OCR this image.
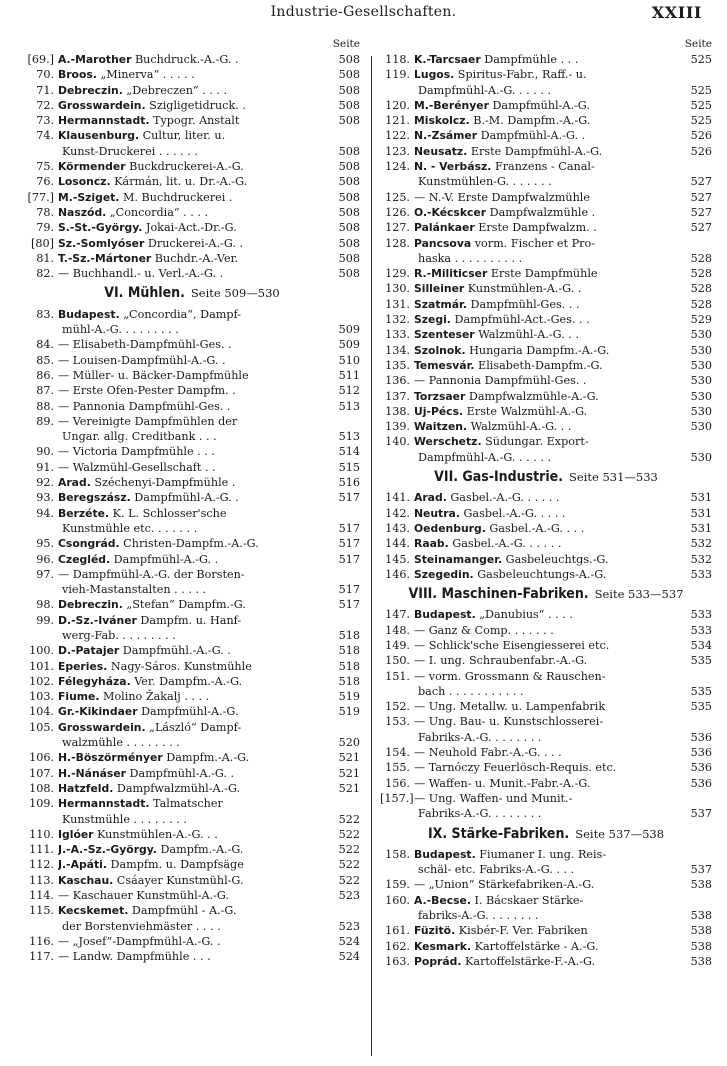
Industrie-Gesellschaften.	XXIII
Seite
[69.] A.-Marother Buchdruck.-A.-G. .	508
70. Broos. „Minerva“ . . . . .	508
71. Debreczin. „Debreczen“ . . . .	508
72. Grosswardein. Szigligetidruck. .	508
73. Hermannstadt. Typogr. Anstalt	508
74. Klausenburg. Cultur, liter. u.
Kunst-Druckerei . . . . . .	508
75. Körmender Buckdruckerei-A.-G.	508
76. Losoncz. Kármán, lit. u. Dr.-A.-G.	508
[77.] M.-Sziget. M. Buchdruckerei .	508
78. Naszód. „Concordia“ . . . .	508
79. S.-St.-György. Jokai-Act.-Dr.-G.	508
[80] Sz.-Somlyóser Druckerei-A.-G. .	508
81. T.-Sz.-Mártoner Buchdr.-A.-Ver.	508
82. — Buchhandl.- u. Verl.-A.-G. .	508
VI. Mühlen. Seite 509—530
83. Budapest. „Concordia“, Dampf-
mühl-A.-G. . . . . . . . .	509
84. — Elisabeth-Dampfmühl-Ges. .	509
85. — Louisen-Dampfmühl-A.-G. .	510
86. — Müller- u. Bäcker-Dampfmühle	511
87. — Erste Ofen-Pester Dampfm. .	512
88. — Pannonia Dampfmühl-Ges. .	513
89. — Vereinigte Dampfmühlen der
Ungar. allg. Creditbank . . .	513
90. — Victoria Dampfmühle . . .	514
91. — Walzmühl-Gesellschaft . .	515
92. Arad. Széchenyi-Dampfmühle .	516
93. Beregszász. Dampfmühl-A.-G. .	517
94. Berzéte. K. L. Schlosser'sche
Kunstmühle etc. . . . . . .	517
95. Csongrád. Christen-Dampfm.-A.-G.	517
96. Czegléd. Dampfmühl-A.-G. .	517
97. — Dampfmühl-A.-G. der Borsten-
vieh-Mastanstalten . . . . .	517
98. Debreczin. „Stefan“ Dampfm.-G.	517
99. D.-Sz.-Iváner Dampfm. u. Hanf-
werg-Fab. . . . . . . . .	518
100. D.-Patajer Dampfmühl.-A.-G. .	518
101. Eperies. Nagy-Sáros. Kunstmühle	518
102. Félegyháza. Ver. Dampfm.-A.-G.	518
103. Fiume. Molino Žakalj . . . .	519
104. Gr.-Kikindaer Dampfmühl-A.-G.	519
105. Grosswardein. „László“ Dampf-
walzmühle . . . . . . . .	520
106. H.-Böszörményer Dampfm.-A.-G.	521
107. H.-Nánáser Dampfmühl-A.-G. .	521
108. Hatzfeld. Dampfwalzmühl-A.-G.	521
109. Hermannstadt. Talmatscher
Kunstmühle . . . . . . . .	522
110. Iglóer Kunstmühlen-A.-G. . .	522
111. J.-A.-Sz.-György. Dampfm.-A.-G.	522
112. J.-Apáti. Dampfm. u. Dampfsäge	522
113. Kaschau. Csáayer Kunstmühl-G.	522
114. — Kaschauer Kunstmühl-A.-G.	523
115. Kecskemet. Dampfmühl - A.-G.
der Borstenviehmäster . . . .	523
116. — „Josef“-Dampfmühl-A.-G. .	524
117. — Landw. Dampfmühle . . .	524
Seite
118. K.-Tarcsaer Dampfmühle . . .	525
119. Lugos. Spiritus-Fabr., Raff.- u.
Dampfmühl-A.-G. . . . . .	525
120. M.-Berényer Dampfmühl-A.-G.	525
121. Miskolcz. B.-M. Dampfm.-A.-G.	525
122. N.-Zsámer Dampfmühl-A.-G. .	526
123. Neusatz. Erste Dampfmühl-A.-G.	526
124. N. - Verbász. Franzens - Canal-
Kunstmühlen-G. . . . . . .	527
125. — N.-V. Erste Dampfwalzmühle	527
126. O.-Kécskcer Dampfwalzmühle .	527
127. Palánkaer Erste Dampfwalzm. .	527
128. Pancsova vorm. Fischer et Pro-
haska . . . . . . . . . .	528
129. R.-Militicser Erste Dampfmühle	528
130. Silleiner Kunstmühlen-A.-G. .	528
131. Szatmár. Dampfmühl-Ges. . .	528
132. Szegi. Dampfmühl-Act.-Ges. . .	529
133. Szenteser Walzmühl-A.-G. . .	530
134. Szolnok. Hungaria Dampfm.-A.-G.	530
135. Temesvár. Elisabeth-Dampfm.-G.	530
136. — Pannonia Dampfmühl-Ges. .	530
137. Torzsaer Dampfwalzmühle-A.-G.	530
138. Uj-Pécs. Erste Walzmühl-A.-G.	530
139. Waitzen. Walzmühl-A.-G. . .	530
140. Werschetz. Südungar. Export-
Dampfmühl-A.-G. . . . . .	530
VII. Gas-Industrie. Seite 531—533
141. Arad. Gasbel.-A.-G. . . . . .	531
142. Neutra. Gasbel.-A.-G. . . . .	531
143. Oedenburg. Gasbel.-A.-G. . . .	531
144. Raab. Gasbel.-A.-G. . . . . .	532
145. Steinamanger. Gasbeleuchtgs.-G.	532
146. Szegedin. Gasbeleuchtungs-A.-G.	533
VIII. Maschinen-Fabriken. Seite 533—537
147. Budapest. „Danubius“ . . . .	533
148. — Ganz & Comp. . . . . . .	533
149. — Schlick'sche Eisengiesserei etc.	534
150. — I. ung. Schraubenfabr.-A.-G.	535
151. — vorm. Grossmann & Rauschen-
bach . . . . . . . . . . .	535
152. — Ung. Metallw. u. Lampenfabrik	535
153. — Ung. Bau- u. Kunstschlosserei-
Fabriks-A.-G. . . . . . . .	536
154. — Neuhold Fabr.-A.-G. . . .	536
155. — Tarnóczy Feuerlösch-Requis. etc.	536
156. — Waffen- u. Munit.-Fabr.-A.-G.	536
[157.] — Ung. Waffen- und Munit.-
Fabriks-A.-G. . . . . . . .	537
IX. Stärke-Fabriken. Seite 537—538
158. Budapest. Fiumaner I. ung. Reis-
schäl- etc. Fabriks-A.-G. . . .	537
159. — „Union“ Stärkefabriken-A.-G.	538
160. A.-Becse. I. Bácskaer Stärke-
fabriks-A.-G. . . . . . . .	538
161. Füzitö. Kisbér-F. Ver. Fabriken	538
162. Kesmark. Kartoffelstärke - A.-G.	538
163. Poprád. Kartoffelstärke-F.-A.-G.	538
